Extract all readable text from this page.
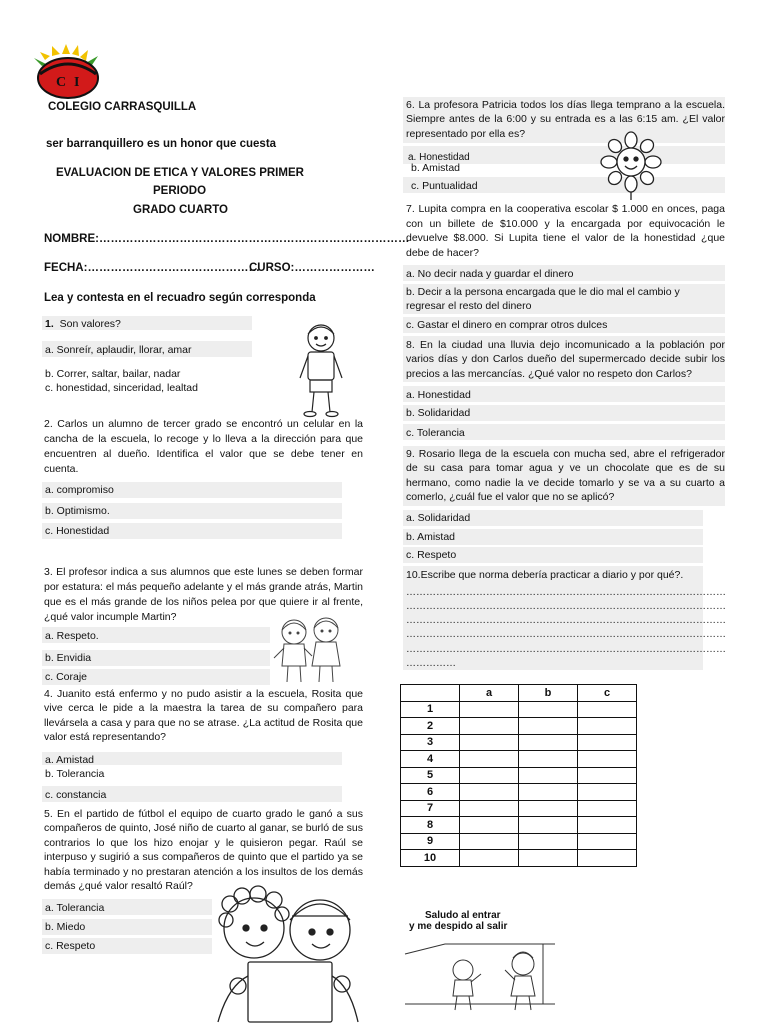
C I
COLEGIO CARRASQUILLA
ser barranquillero es un honor que cuesta
EVALUACION DE ETICA Y VALORES PRIMER
PERIODO
GRADO CUARTO
NOMBRE:………………………………………………………………………
FECHA:………………………………………
CURSO:…………………
Lea y contesta en el recuadro según corresponda
1. Son valores?
a. Sonreír, aplaudir, llorar, amar
b. Correr, saltar, bailar, nadar
c. honestidad, sinceridad, lealtad
2. Carlos un alumno de tercer grado se encontró un celular en la cancha de la escuela, lo recoge y lo lleva a la dirección para que encuentren al dueño. Identifica el valor que se debe tener en cuenta.
a. compromiso
b. Optimismo.
c. Honestidad
3. El profesor indica a sus alumnos que este lunes se deben formar por estatura: el más pequeño adelante y el más grande atrás, Martin que es el más grande de los niños pelea por que quiere ir al frente, ¿qué valor incumple Martin?
a. Respeto.
b. Envidia
c. Coraje
4. Juanito está enfermo y no pudo asistir a la escuela, Rosita que vive cerca le pide a la maestra la tarea de su compañero para llevársela a casa y para que no se atrase. ¿La actitud de Rosita que valor está representando?
a. Amistad
b. Tolerancia
c. constancia
5. En el partido de fútbol el equipo de cuarto grado le ganó a sus compañeros de quinto, José niño de cuarto al ganar, se burló de sus contrarios lo que los hizo enojar y le quisieron pegar. Raúl se interpuso y sugirió a sus compañeros de quinto que el partido ya se había terminado y no prestaran atención a los insultos de los demás demás ¿qué valor resaltó Raúl?
a. Tolerancia
b. Miedo
c. Respeto
6. La profesora Patricia todos los días llega temprano a la escuela. Siempre antes de la 6:00 y su entrada es a las 6:15 am. ¿El valor representado por ella es?
a. Honestidad
b. Amistad
c. Puntualidad
7. Lupita compra en la cooperativa escolar $ 1.000 en onces, paga con un billete de $10.000 y la encargada por equivocación le devuelve $8.000. Si Lupita tiene el valor de la honestidad ¿que debe de hacer?
a. No decir nada y guardar el dinero
b. Decir a la persona encargada que le dio mal el cambio y regresar el resto del dinero
c. Gastar el dinero en comprar otros dulces
8. En la ciudad una lluvia dejo incomunicado a la población por varios días y don Carlos dueño del supermercado decide subir los precios a las mercancías. ¿Qué valor no respeto don Carlos?
a. Honestidad
b. Solidaridad
c. Tolerancia
9. Rosario llega de la escuela con mucha sed, abre el refrigerador de su casa para tomar agua y ve un chocolate que es de su hermano, como nadie la ve decide tomarlo y se va a su cuarto a comerlo, ¿cuál fue el valor que no se aplicó?
a. Solidaridad
b. Amistad
c. Respeto
10.Escribe que norma debería practicar a diario y por qué?.
……………………………………………………………………………………
……………………………………………………………………………………
……………………………………………………………………………………
……………………………………………………………………………………
……………………………………………………………………………………
……………
	a	b	c
1			
2			
3			
4			
5			
6			
7			
8			
9			
10			
Saludo al entrar
y me despido al salir
